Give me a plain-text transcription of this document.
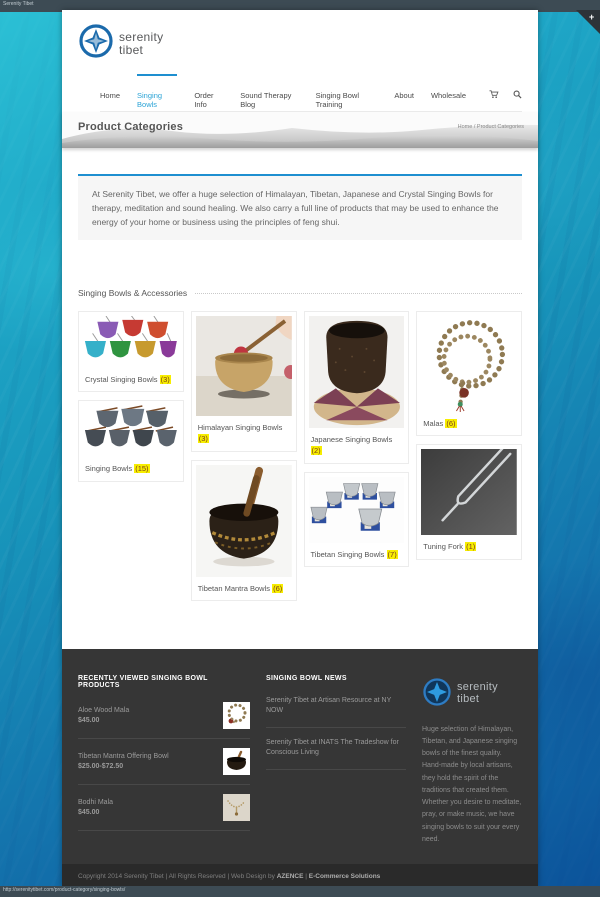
Serenity Tibet
+
serenity
tibet
Home Singing Bowls
Order Info
Sound Therapy Blog
Singing Bowl Training
About Wholesale
Product Categories	Home / Product Categories
At Serenity Tibet, we offer a huge selection of Himalayan, Tibetan, Japanese and Crystal Singing Bowls for therapy, meditation and sound healing. We also carry a full line of products that may be used to enhance the energy of your home or business using the principles of feng shui.
Singing Bowls & Accessories
Crystal Singing Bowls (3)
Singing Bowls (15)
Himalayan Singing Bowls (3)
Tibetan Mantra Bowls (6)
Japanese Singing Bowls (2)
Tibetan Singing Bowls (7)
Malas (6)
Tuning Fork (1)
RECENTLY VIEWED SINGING BOWL PRODUCTS
Aloe Wood Mala
$45.00
Tibetan Mantra Offering Bowl
$25.00-$72.50
Bodhi Mala
$45.00
SINGING BOWL NEWS
Serenity Tibet at Artisan Resource at NY NOW
Serenity Tibet at INATS The Tradeshow for Conscious Living
serenity
tibet
Huge selection of Himalayan, Tibetan, and Japanese singing bowls of the finest quality. Hand-made by local artisans, they hold the spirit of the traditions that created them. Whether you desire to meditate, pray, or make music, we have singing bowls to suit your every need.
Copyright 2014 Serenity Tibet | All Rights Reserved | Web Design by AZENCE | E-Commerce Solutions
http://serenitytibet.com/product-category/singing-bowls/
